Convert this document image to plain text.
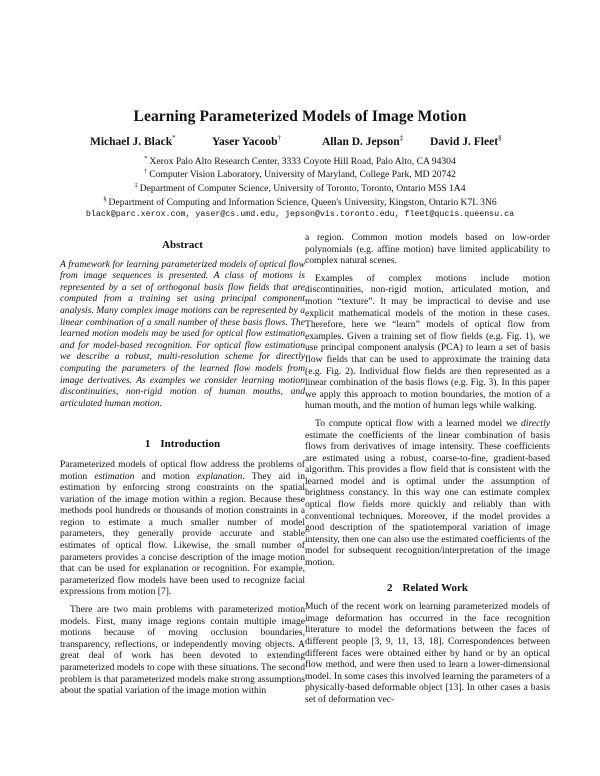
Learning Parameterized Models of Image Motion
Michael J. Black*	Yaser Yacoob†	Allan D. Jepson‡ David J. Fleet§
* Xerox Palo Alto Research Center, 3333 Coyote Hill Road, Palo Alto, CA 94304
† Computer Vision Laboratory, University of Maryland, College Park, MD 20742
‡ Department of Computer Science, University of Toronto, Toronto, Ontario M5S 1A4
§ Department of Computing and Information Science, Queen's University, Kingston, Ontario K7L 3N6
black@parc.xerox.com, yaser@cs.umd.edu, jepson@vis.toronto.edu, fleet@qucis.queensu.ca
Abstract

A framework for learning parameterized models of optical flow from image sequences is presented. A class of motions is represented by a set of orthogonal basis flow fields that are computed from a training set using principal component analysis. Many complex image motions can be represented by a linear combination of a small number of these basis flows. The learned motion models may be used for optical flow estimation and for model-based recognition. For optical flow estimation we describe a robust, multi-resolution scheme for directly computing the parameters of the learned flow models from image derivatives. As examples we consider learning motion discontinuities, non-rigid motion of human mouths, and articulated human motion.

1 Introduction

Parameterized models of optical flow address the problems of motion estimation and motion explanation. They aid in estimation by enforcing strong constraints on the spatial variation of the image motion within a region. Because these methods pool hundreds or thousands of motion constraints in a region to estimate a much smaller number of model parameters, they generally provide accurate and stable estimates of optical flow. Likewise, the small number of parameters provides a concise description of the image motion that can be used for explanation or recognition. For example, parameterized flow models have been used to recognize facial expressions from motion [7].

There are two main problems with parameterized motion models. First, many image regions contain multiple image motions because of moving occlusion boundaries, transparency, reflections, or independently moving objects. A great deal of work has been devoted to extending parameterized models to cope with these situations. The second problem is that parameterized models make strong assumptions about the spatial variation of the image motion within

a region. Common motion models based on low-order polynomials (e.g. affine motion) have limited applicability to complex natural scenes.

Examples of complex motions include motion discontinuities, non-rigid motion, articulated motion, and motion “texture”. It may be impractical to devise and use explicit mathematical models of the motion in these cases. Therefore, here we “learn” models of optical flow from examples. Given a training set of flow fields (e.g. Fig. 1), we use principal component analysis (PCA) to learn a set of basis flow fields that can be used to approximate the training data (e.g. Fig. 2). Individual flow fields are then represented as a linear combination of the basis flows (e.g. Fig. 3). In this paper we apply this approach to motion boundaries, the motion of a human mouth, and the motion of human legs while walking.

To compute optical flow with a learned model we directly estimate the coefficients of the linear combination of basis flows from derivatives of image intensity. These coefficients are estimated using a robust, coarse-to-fine, gradient-based algorithm. This provides a flow field that is consistent with the learned model and is optimal under the assumption of brightness constancy. In this way one can estimate complex optical flow fields more quickly and reliably than with conventional techniques. Moreover, if the model provides a good description of the spatiotemporal variation of image intensity, then one can also use the estimated coefficients of the model for subsequent recognition/interpretation of the image motion.

2 Related Work

Much of the recent work on learning parameterized models of image deformation has occurred in the face recognition literature to model the deformations between the faces of different people [3, 9, 11, 13, 18]. Correspondences between different faces were obtained either by hand or by an optical flow method, and were then used to learn a lower-dimensional model. In some cases this involved learning the parameters of a physically-based deformable object [13]. In other cases a basis set of deformation vec-
